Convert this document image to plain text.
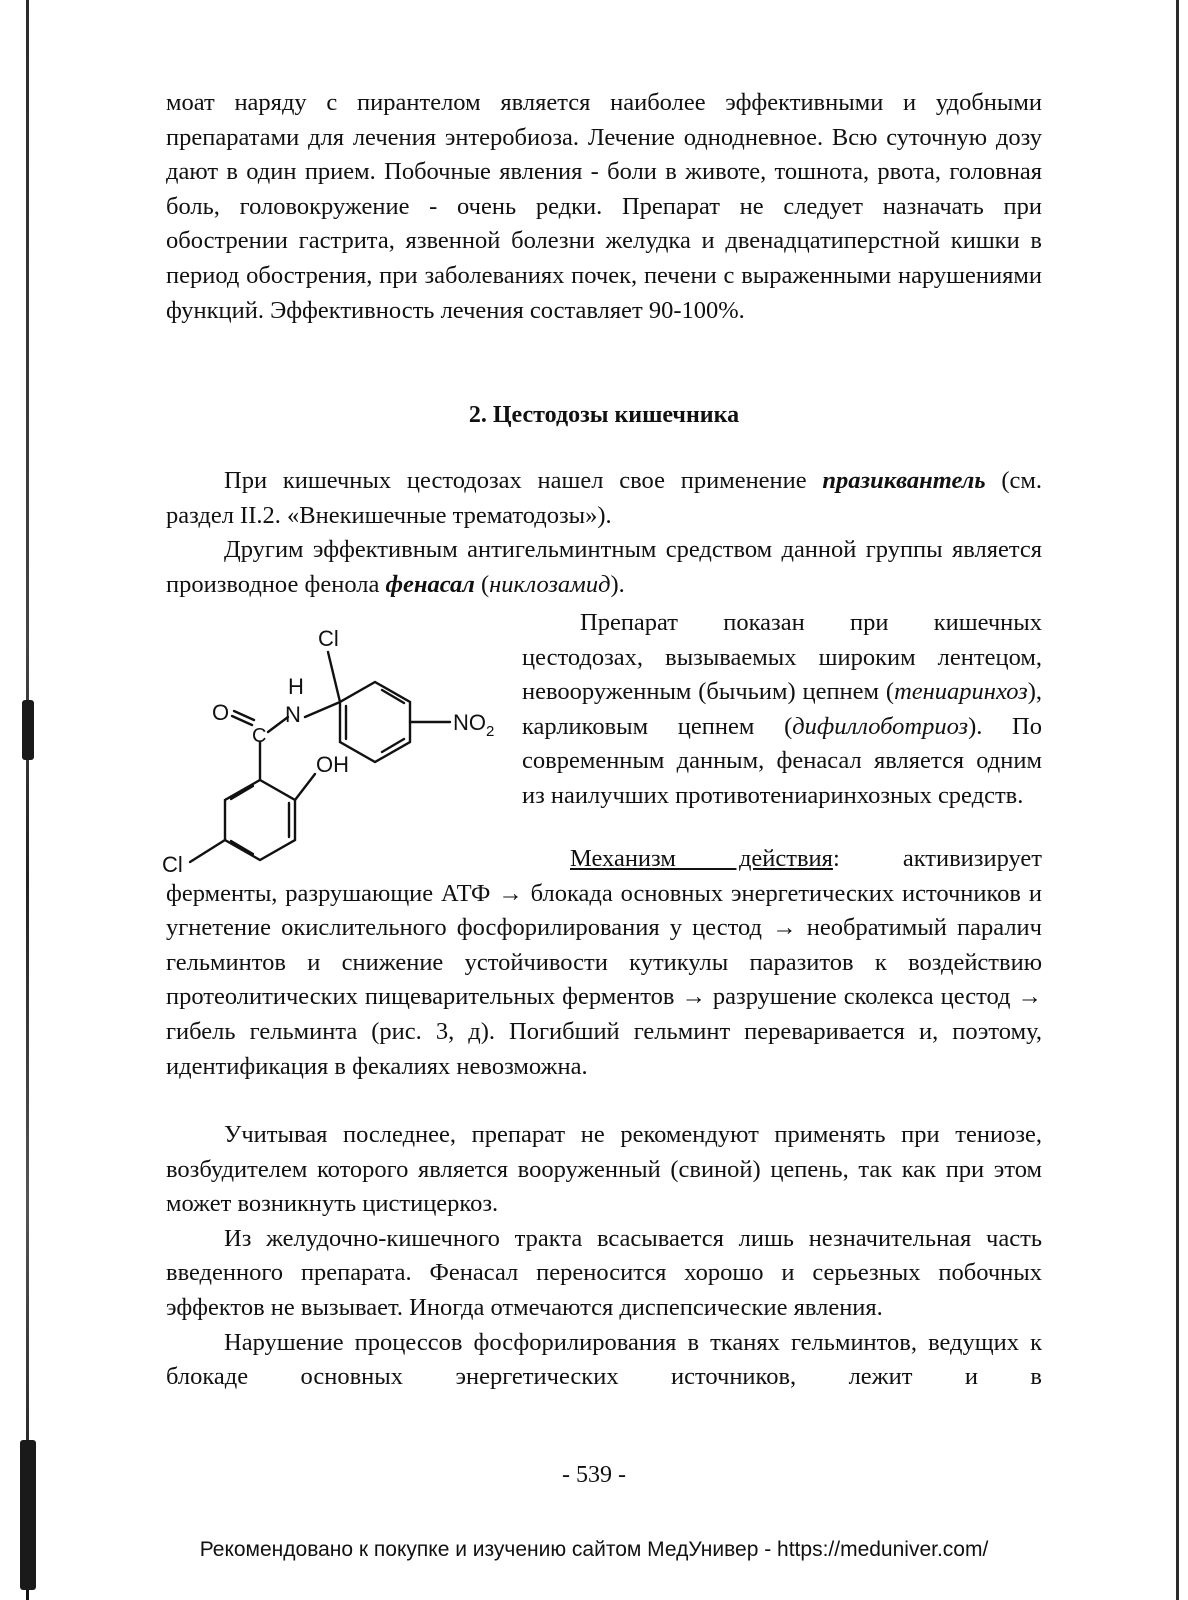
моат наряду с пирантелом является наиболее эффективными и удобными препаратами для лечения энтеробиоза. Лечение однодневное. Всю суточную дозу дают в один прием. Побочные явления - боли в животе, тошнота, рвота, головная боль, головокружение - очень редки. Препарат не следует назначать при обострении гастрита, язвенной болезни желудка и двенадцатиперстной кишки в период обострения, при заболеваниях почек, печени с выраженными нарушениями функций. Эффективность лечения составляет 90-100%.

2. Цестодозы кишечника

При кишечных цестодозах нашел свое применение празиквантель (см. раздел II.2. «Внекишечные трематодозы»).

Другим эффективным антигельминтным средством данной группы является производное фенола фенасал (никлозамид).

Cl
H
N	$NO_2$
O
C
OH
Cl

Препарат показан при кишечных цестодозах, вызываемых широким лентецом, невооруженным (бычьим) цепнем (тениаринхоз), карликовым цепнем (дифиллоботриоз). По современным данным, фенасал является одним из наилучших противотениаринхозных средств.

Механизм действия: активизирует ферменты, разрушающие АТФ → блокада основных энергетических источников и угнетение окислительного фосфорилирования у цестод → необратимый паралич гельминтов и снижение устойчивости кутикулы паразитов к воздействию протеолитических пищеварительных ферментов → разрушение сколекса цестод → гибель гельминта (рис. 3, д). Погибший гельминт переваривается и, поэтому, идентификация в фекалиях невозможна.

Учитывая последнее, препарат не рекомендуют применять при тениозе, возбудителем которого является вооруженный (свиной) цепень, так как при этом может возникнуть цистицеркоз.

Из желудочно-кишечного тракта всасывается лишь незначительная часть введенного препарата. Фенасал переносится хорошо и серьезных побочных эффектов не вызывает. Иногда отмечаются диспепсические явления.

Нарушение процессов фосфорилирования в тканях гельминтов, ведущих к блокаде основных энергетических источников, лежит и в

- 539 -
Рекомендовано к покупке и изучению сайтом МедУнивер - https://meduniver.com/
